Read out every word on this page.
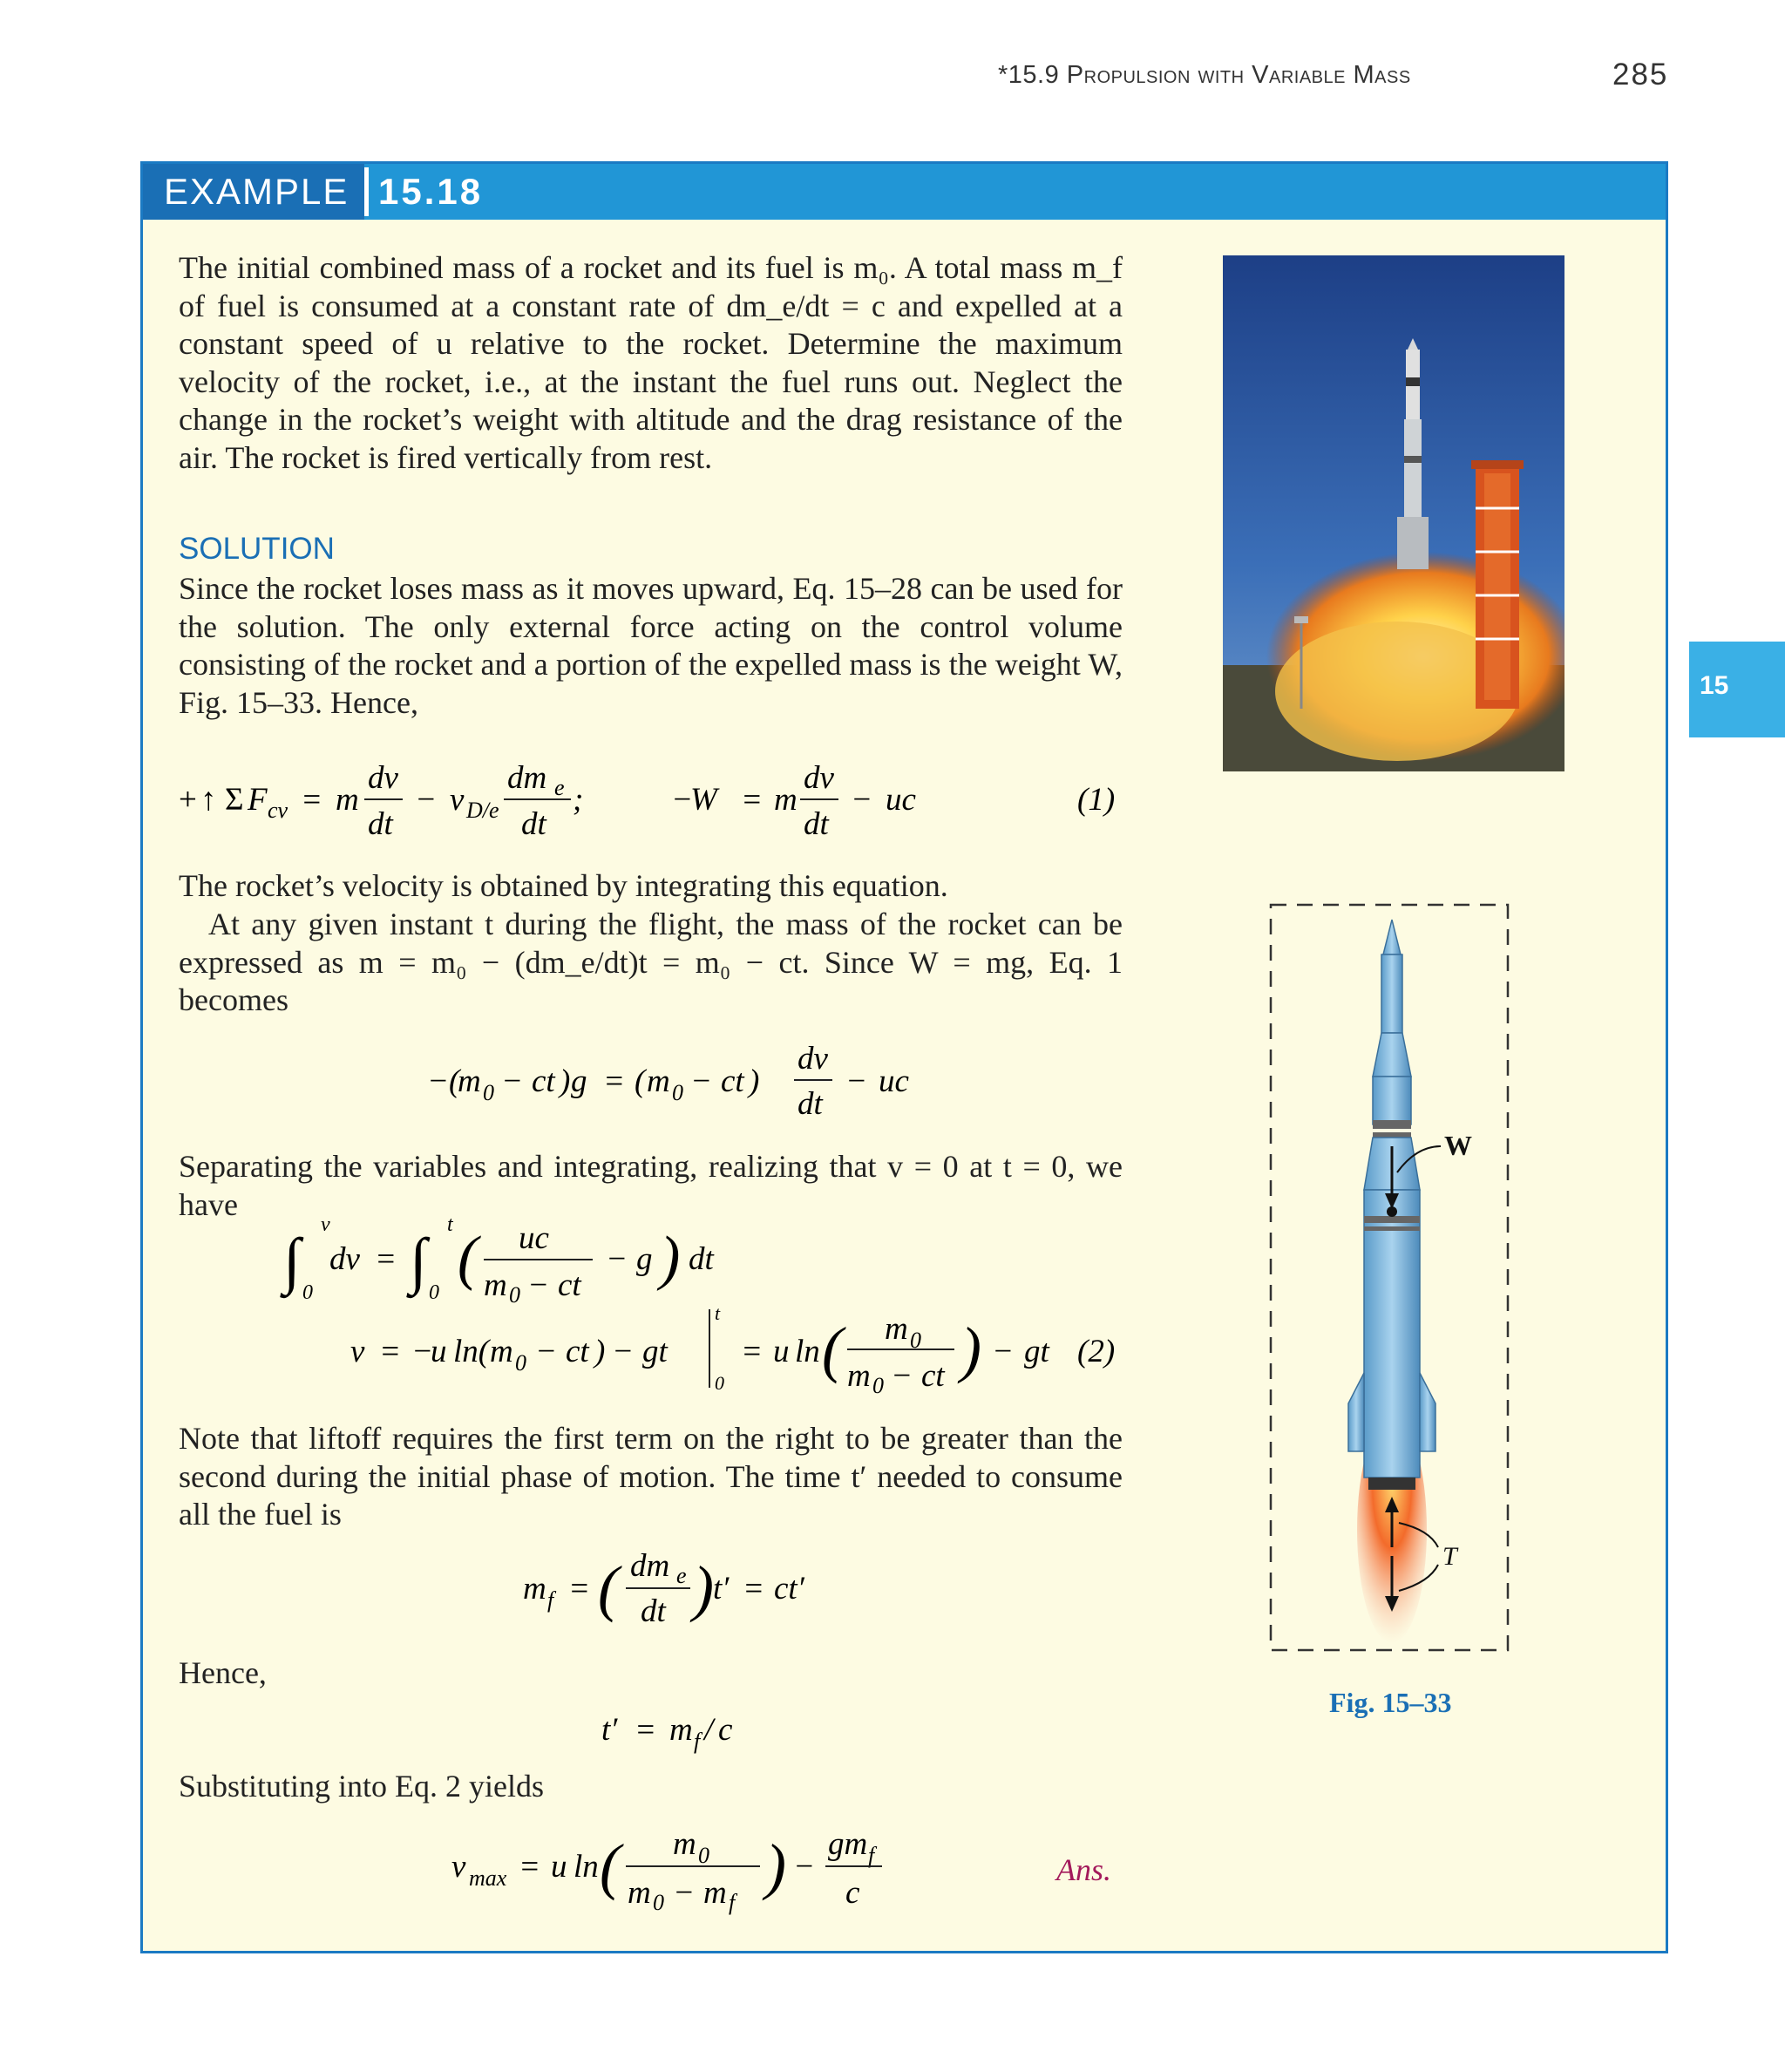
*15.9 Propulsion with Variable Mass	285
15
EXAMPLE 15.18
The initial combined mass of a rocket and its fuel is m₀. A total mass m_f of fuel is consumed at a constant rate of dm_e/dt = c and expelled at a constant speed of u relative to the rocket. Determine the maximum velocity of the rocket, i.e., at the instant the fuel runs out. Neglect the change in the rocket’s weight with altitude and the drag resistance of the air. The rocket is fired vertically from rest.
SOLUTION
Since the rocket loses mass as it moves upward, Eq. 15–28 can be used for the solution. The only external force acting on the control volume consisting of the rocket and a portion of the expelled mass is the weight W, Fig. 15–33. Hence,
+ ↑ Σ F cv = m
dv
dt
− v D/e
dm e
dt
;	−
W = m
dv
dt
− uc	(1)
The rocket’s velocity is obtained by integrating this equation.
At any given instant t during the flight, the mass of the rocket can be expressed as m = m₀ − (dm_e/dt)t = m₀ − ct. Since W = mg, Eq. 1 becomes
−(
m 0 − ct ) g = ( m 0 − ct )
dv
dt
− uc
Separating the variables and integrating, realizing that v = 0 at t = 0, we have
∫
v
0
dv = ∫
t
0
( uc
m 0 − ct
− g ) dt
v = −
u ln( m 0 − ct ) − gt
t
0
= u ln ( m 0
m 0 − ct ) − gt (2)
Note that liftoff requires the first term on the right to be greater than the second during the initial phase of motion. The time t′ needed to consume all the fuel is
m f = ( dm e
dt ) t′ = ct′
Hence,
t′ = m f / c
Substituting into Eq. 2 yields
v max = u ln ( m 0
m 0 − m f
) −
gm f
c
Ans.
W
T
Fig. 15–33
